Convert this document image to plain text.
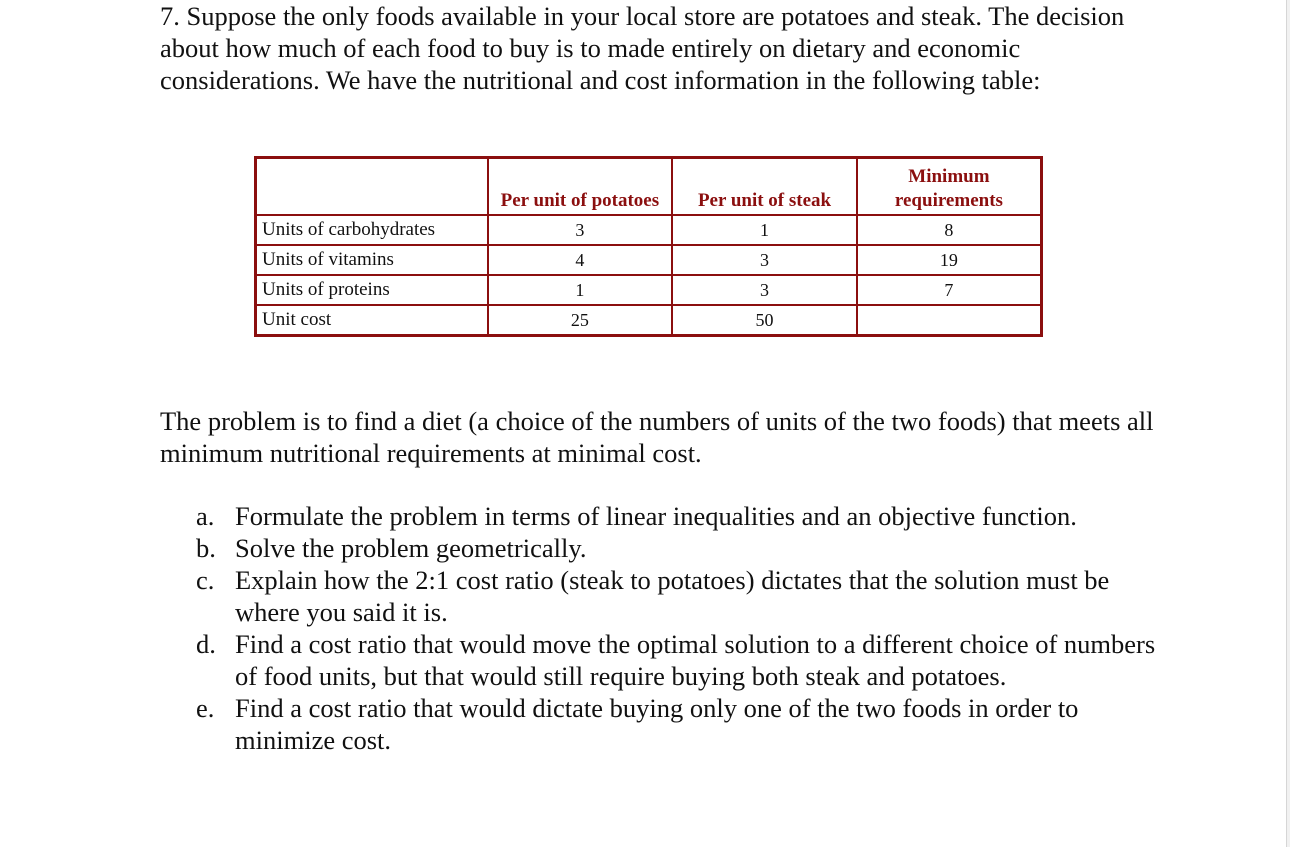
7. Suppose the only foods available in your local store are potatoes and steak. The decision about how much of each food to buy is to made entirely on dietary and economic considerations. We have the nutritional and cost information in the following table:

	Per unit of potatoes	Per unit of steak	Minimum requirements
Units of carbohydrates	3	1	8
Units of vitamins	4	3	19
Units of proteins	1	3	7
Unit cost	25	50	

The problem is to find a diet (a choice of the numbers of units of the two foods) that meets all minimum nutritional requirements at minimal cost.

a. Formulate the problem in terms of linear inequalities and an objective function.
b. Solve the problem geometrically.
c. Explain how the 2:1 cost ratio (steak to potatoes) dictates that the solution must be where you said it is.
d. Find a cost ratio that would move the optimal solution to a different choice of numbers of food units, but that would still require buying both steak and potatoes.
e. Find a cost ratio that would dictate buying only one of the two foods in order to minimize cost.
